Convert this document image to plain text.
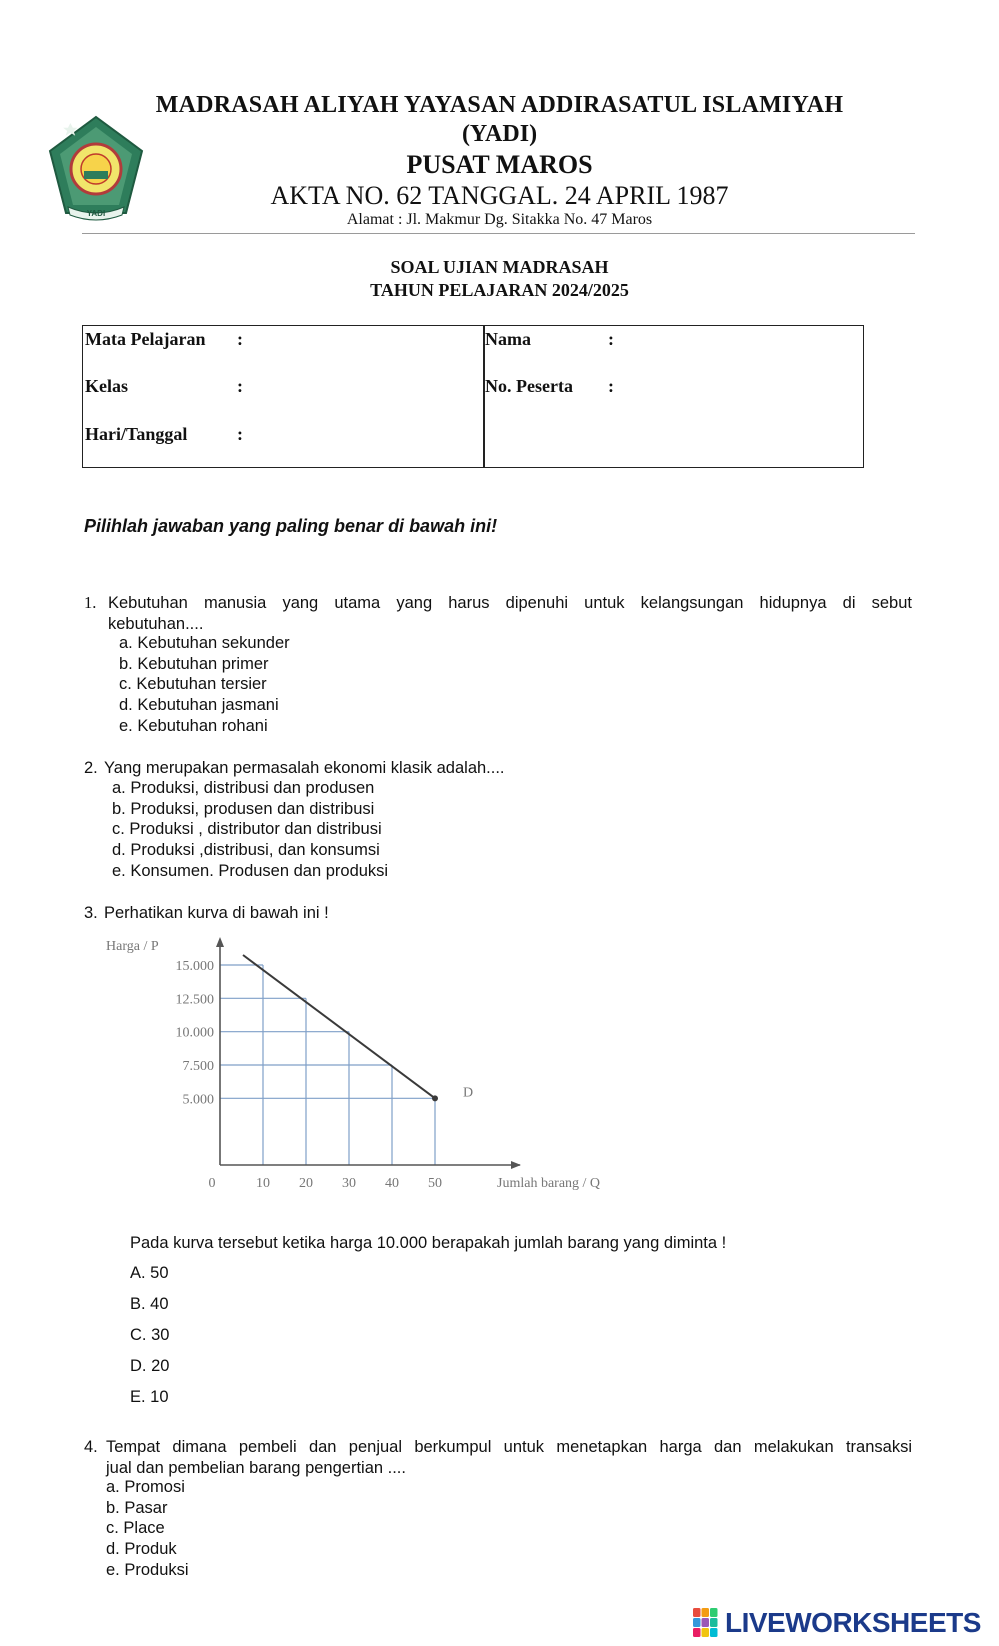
YADI
MADRASAH ALIYAH YAYASAN ADDIRASATUL ISLAMIYAH
(YADI)
PUSAT MAROS
AKTA NO. 62 TANGGAL. 24 APRIL 1987
Alamat : Jl. Makmur Dg. Sitakka No. 47 Maros
SOAL UJIAN MADRASAH
TAHUN PELAJARAN 2024/2025
Mata Pelajaran :
Kelas	:
Hari/Tanggal	:
Nama	:
No. Peserta :
Pilihlah jawaban yang paling benar di bawah ini!
1. Kebutuhan manusia yang utama yang harus dipenuhi untuk kelangsungan hidupnya di sebut
kebutuhan....
a. Kebutuhan sekunder
b. Kebutuhan primer
c. Kebutuhan tersier
d. Kebutuhan jasmani
e. Kebutuhan rohani
2. Yang merupakan permasalah ekonomi klasik adalah....
a. Produksi, distribusi dan produsen
b. Produksi, produsen dan distribusi
c. Produksi , distributor dan distribusi
d. Produksi ,distribusi, dan konsumsi
e. Konsumen. Produsen dan produksi
3. Perhatikan kurva di bawah ini !
15.000
12.500
10.000
7.500
5.000
0	10 20 30 40 50
Harga / P
Jumlah barang / Q
D
Pada kurva tersebut ketika harga 10.000 berapakah jumlah barang yang diminta !
A. 50
B. 40
C. 30
D. 20
E. 10
4. Tempat dimana pembeli dan penjual berkumpul untuk menetapkan harga dan melakukan transaksi
jual dan pembelian barang pengertian ....
a. Promosi
b. Pasar
c. Place
d. Produk
e. Produksi
LIVEWORKSHEETS
